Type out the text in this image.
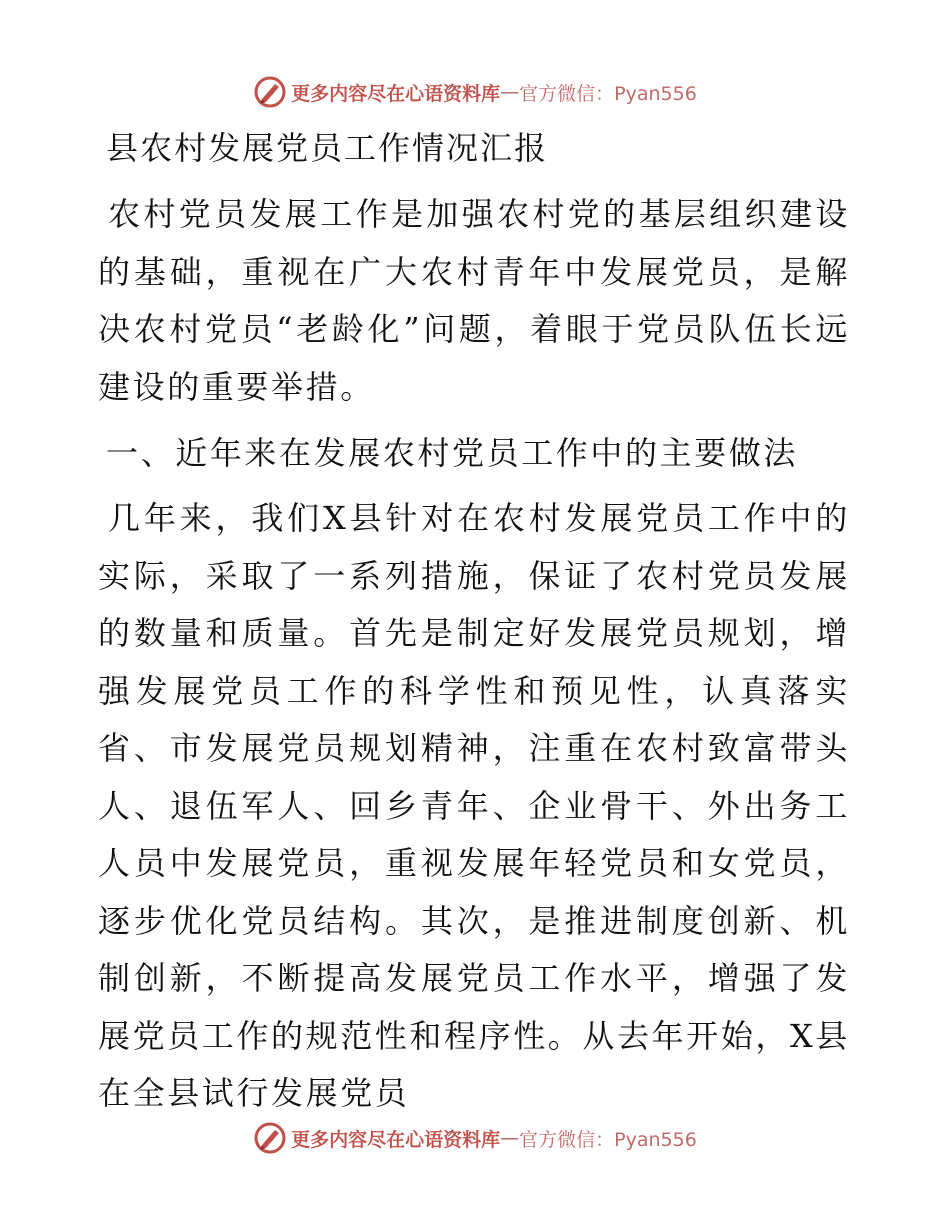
更多内容尽在心语资料库 — 官方微信：Pyan556
县农村发展党员工作情况汇报

农村党员发展工作是加强农村党的基层组织建设的基础，重视在广大农村青年中发展党员，是解决农村党员“老龄化”问题，着眼于党员队伍长远建设的重要举措。

一、近年来在发展农村党员工作中的主要做法

几年来，我们X县针对在农村发展党员工作中的实际，采取了一系列措施，保证了农村党员发展的数量和质量。首先是制定好发展党员规划，增强发展党员工作的科学性和预见性，认真落实省、市发展党员规划精神，注重在农村致富带头人、退伍军人、回乡青年、企业骨干、外出务工人员中发展党员，重视发展年轻党员和女党员，逐步优化党员结构。其次，是推进制度创新、机制创新，不断提高发展党员工作水平，增强了发展党员工作的规范性和程序性。从去年开始，X县在全县试行发展党员

更多内容尽在心语资料库 — 官方微信：Pyan556
